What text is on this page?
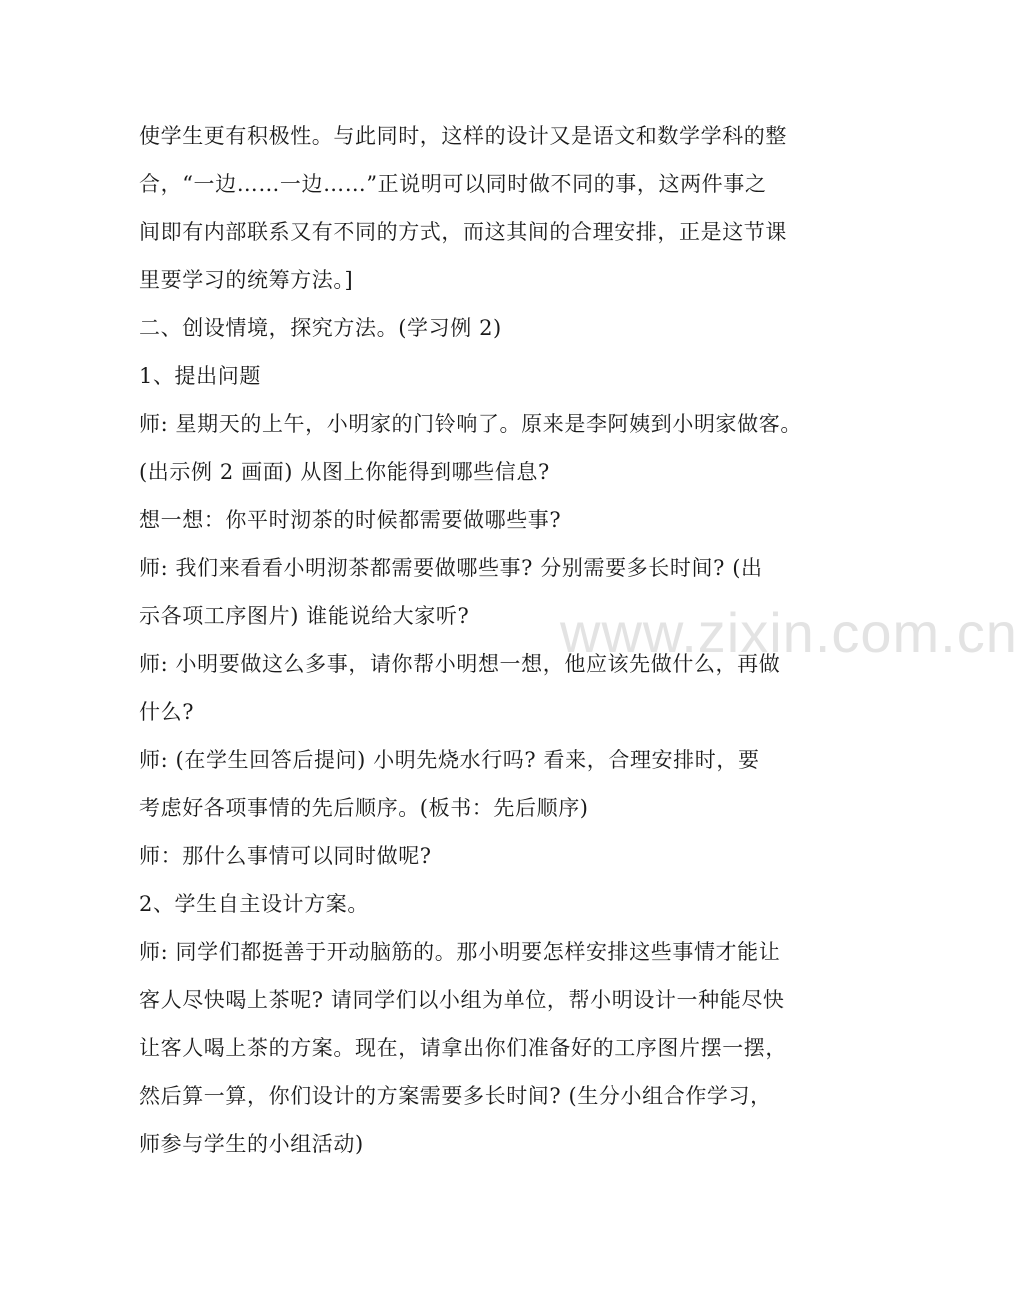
使学生更有积极性。与此同时，这样的设计又是语文和数学学科的整
合，“一边……一边……”正说明可以同时做不同的事，这两件事之
间即有内部联系又有不同的方式，而这其间的合理安排，正是这节课
里要学习的统筹方法。]
二、创设情境，探究方法。(学习例 2)
1、提出问题
师: 星期天的上午，小明家的门铃响了。原来是李阿姨到小明家做客。
(出示例 2 画面) 从图上你能得到哪些信息?
想一想：你平时沏茶的时候都需要做哪些事?
师: 我们来看看小明沏茶都需要做哪些事? 分别需要多长时间? (出
示各项工序图片) 谁能说给大家听?
师: 小明要做这么多事，请你帮小明想一想，他应该先做什么，再做
什么?
师: (在学生回答后提问) 小明先烧水行吗? 看来，合理安排时，要
考虑好各项事情的先后顺序。(板书：先后顺序)
师：那什么事情可以同时做呢?
2、学生自主设计方案。
师: 同学们都挺善于开动脑筋的。那小明要怎样安排这些事情才能让
客人尽快喝上茶呢? 请同学们以小组为单位，帮小明设计一种能尽快
让客人喝上茶的方案。现在，请拿出你们准备好的工序图片摆一摆，
然后算一算，你们设计的方案需要多长时间? (生分小组合作学习，
师参与学生的小组活动)
www.zixin.com.cn
